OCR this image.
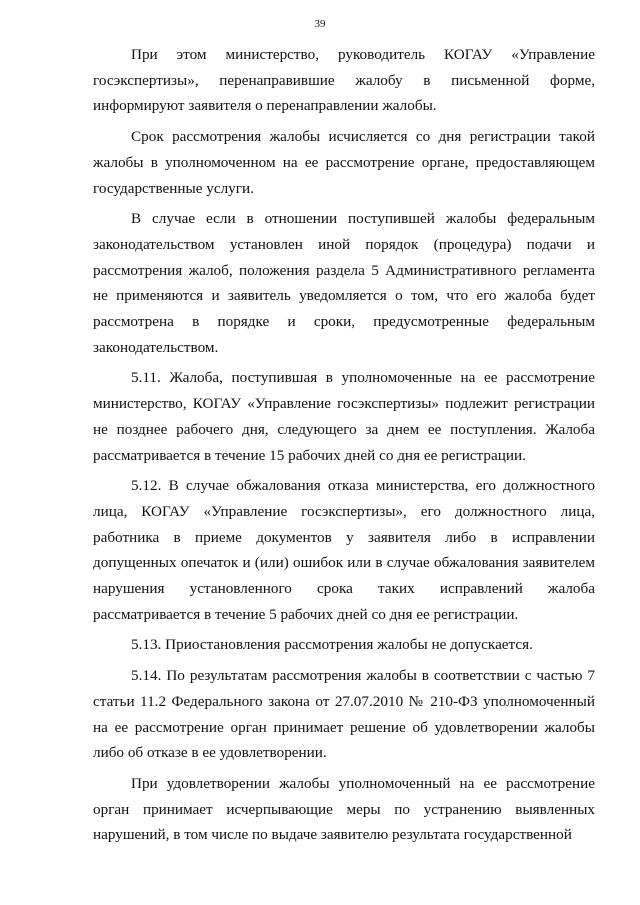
39

При этом министерство, руководитель КОГАУ «Управление госэкспертизы», перенаправившие жалобу в письменной форме, информируют заявителя о перенаправлении жалобы.

Срок рассмотрения жалобы исчисляется со дня регистрации такой жалобы в уполномоченном на ее рассмотрение органе, предоставляющем государственные услуги.

В случае если в отношении поступившей жалобы федеральным законодательством установлен иной порядок (процедура) подачи и рассмотрения жалоб, положения раздела 5 Административного регламента не применяются и заявитель уведомляется о том, что его жалоба будет рассмотрена в порядке и сроки, предусмотренные федеральным законодательством.

5.11. Жалоба, поступившая в уполномоченные на ее рассмотрение министерство, КОГАУ «Управление госэкспертизы» подлежит регистрации не позднее рабочего дня, следующего за днем ее поступления. Жалоба рассматривается в течение 15 рабочих дней со дня ее регистрации.

5.12. В случае обжалования отказа министерства, его должностного лица, КОГАУ «Управление госэкспертизы», его должностного лица, работника в приеме документов у заявителя либо в исправлении допущенных опечаток и (или) ошибок или в случае обжалования заявителем нарушения установленного срока таких исправлений жалоба рассматривается в течение 5 рабочих дней со дня ее регистрации.

5.13. Приостановления рассмотрения жалобы не допускается.

5.14. По результатам рассмотрения жалобы в соответствии с частью 7 статьи 11.2 Федерального закона от 27.07.2010 № 210-ФЗ уполномоченный на ее рассмотрение орган принимает решение об удовлетворении жалобы либо об отказе в ее удовлетворении.

При удовлетворении жалобы уполномоченный на ее рассмотрение орган принимает исчерпывающие меры по устранению выявленных нарушений, в том числе по выдаче заявителю результата государственной
